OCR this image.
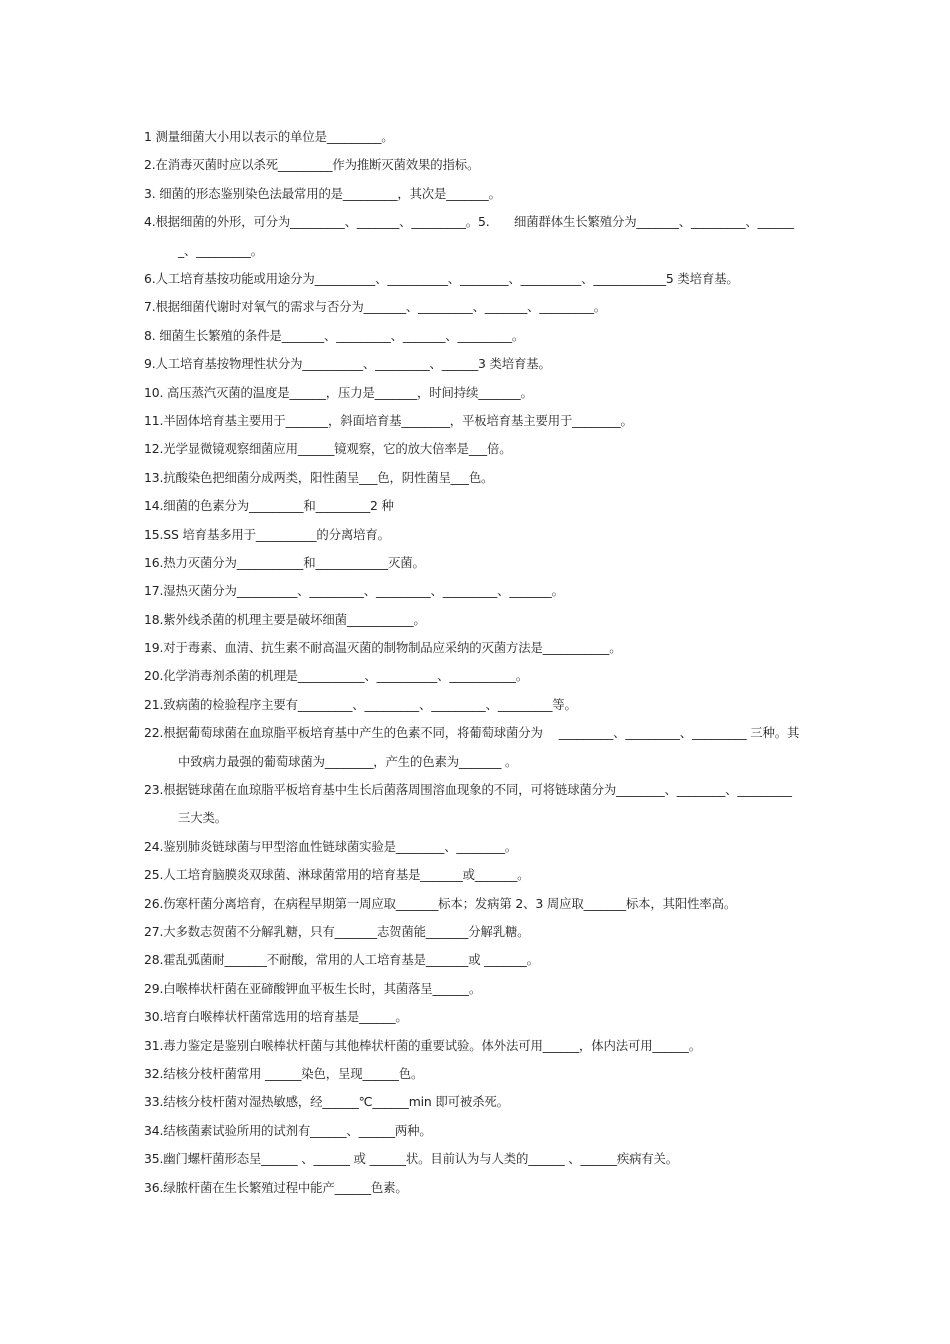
1 测量细菌大小用以表示的单位是_________。
2.在消毒灭菌时应以杀死_________作为推断灭菌效果的指标。
3. 细菌的形态鉴别染色法最常用的是_________，其次是_______。
4.根据细菌的外形，可分为_________、_______、_________。5.　　细菌群体生长繁殖分为_______、_________、_______、_________。
6.人工培育基按功能或用途分为__________、__________、________、__________、____________5 类培育基。
7.根据细菌代谢时对氧气的需求与否分为_______、_________、_______、_________。
8. 细菌生长繁殖的条件是_______、_________、_______、_________。
9.人工培育基按物理性状分为__________、_________、______3 类培育基。
10. 高压蒸汽灭菌的温度是______，压力是_______，时间持续_______。
11.半固体培育基主要用于_______，斜面培育基________，平板培育基主要用于________。
12.光学显微镜观察细菌应用______镜观察，它的放大倍率是___倍。
13.抗酸染色把细菌分成两类，阳性菌呈___色，阴性菌呈___色。
14.细菌的色素分为_________和_________2 种
15.SS 培育基多用于__________的分离培育。
16.热力灭菌分为___________和____________灭菌。
17.湿热灭菌分为__________、_________、_________、_________、_______。
18.紫外线杀菌的机理主要是破坏细菌___________。
19.对于毒素、血清、抗生素不耐高温灭菌的制物制品应采纳的灭菌方法是___________。
20.化学消毒剂杀菌的机理是___________、__________、___________。
21.致病菌的检验程序主要有_________、_________、_________、_________等。
22.根据葡萄球菌在血琼脂平板培育基中产生的色素不同，将葡萄球菌分为　 _________、_________、_________ 三种。其中致病力最强的葡萄球菌为________，产生的色素为_______ 。
23.根据链球菌在血琼脂平板培育基中生长后菌落周围溶血现象的不同，可将链球菌分为________、________、_________ 三大类。
24.鉴别肺炎链球菌与甲型溶血性链球菌实验是________、________。
25.人工培育脑膜炎双球菌、淋球菌常用的培育基是_______或_______。
26.伤寒杆菌分离培育，在病程早期第一周应取_______标本；发病第 2、3 周应取_______标本，其阳性率高。
27.大多数志贺菌不分解乳糖，只有_______志贺菌能_______分解乳糖。
28.霍乱弧菌耐_______不耐酸，常用的人工培育基是_______或 _______。
29.白喉棒状杆菌在亚碲酸钾血平板生长时，其菌落呈______。
30.培育白喉棒状杆菌常选用的培育基是______。
31.毒力鉴定是鉴别白喉棒状杆菌与其他棒状杆菌的重要试验。体外法可用______，体内法可用______。
32.结核分枝杆菌常用 ______染色，呈现______色。
33.结核分枝杆菌对湿热敏感，经______℃______min 即可被杀死。
34.结核菌素试验所用的试剂有______、______两种。
35.幽门螺杆菌形态呈______ 、______ 或 ______状。目前认为与人类的______ 、______疾病有关。
36.绿脓杆菌在生长繁殖过程中能产______色素。
